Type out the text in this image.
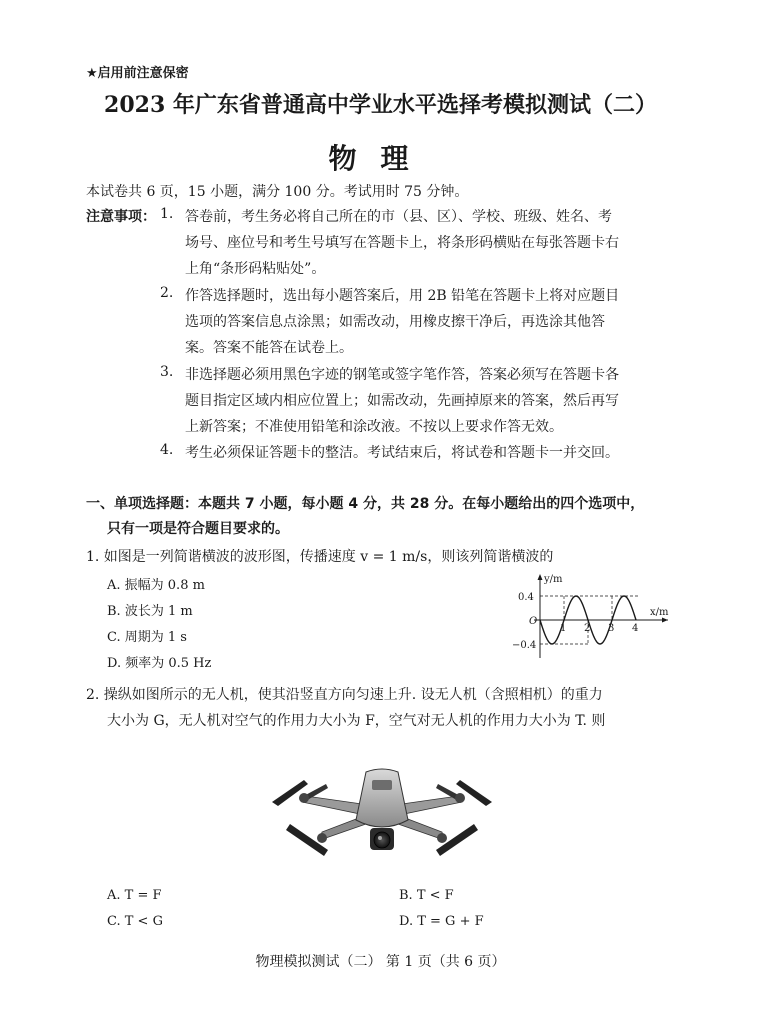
★启用前注意保密
2023 年广东省普通高中学业水平选择考模拟测试（二）
物理
本试卷共 6 页，15 小题，满分 100 分。考试用时 75 分钟。
注意事项： 1. 答卷前，考生务必将自己所在的市（县、区）、学校、班级、姓名、考
场号、座位号和考生号填写在答题卡上，将条形码横贴在每张答题卡右
上角“条形码粘贴处”。
2. 作答选择题时，选出每小题答案后，用 2B 铅笔在答题卡上将对应题目
选项的答案信息点涂黑；如需改动，用橡皮擦干净后，再选涂其他答
案。答案不能答在试卷上。
3. 非选择题必须用黑色字迹的钢笔或签字笔作答，答案必须写在答题卡各
题目指定区域内相应位置上；如需改动，先画掉原来的答案，然后再写
上新答案；不准使用铅笔和涂改液。不按以上要求作答无效。
4. 考生必须保证答题卡的整洁。考试结束后，将试卷和答题卡一并交回。
一、单项选择题：本题共 7 小题，每小题 4 分，共 28 分。在每小题给出的四个选项中，
只有一项是符合题目要求的。
1. 如图是一列简谐横波的波形图，传播速度 v = 1 m/s，则该列简谐横波的
A. 振幅为 0.8 m
B. 波长为 1 m
C. 周期为 1 s
D. 频率为 0.5 Hz
y/m
x/m
O
0.4
−0.4
1 2 3 4
2. 操纵如图所示的无人机，使其沿竖直方向匀速上升. 设无人机（含照相机）的重力
大小为 G，无人机对空气的作用力大小为 F，空气对无人机的作用力大小为 T. 则
A. T = F	B. T < F
C. T < G	D. T = G + F
物理模拟测试（二） 第 1 页（共 6 页）
